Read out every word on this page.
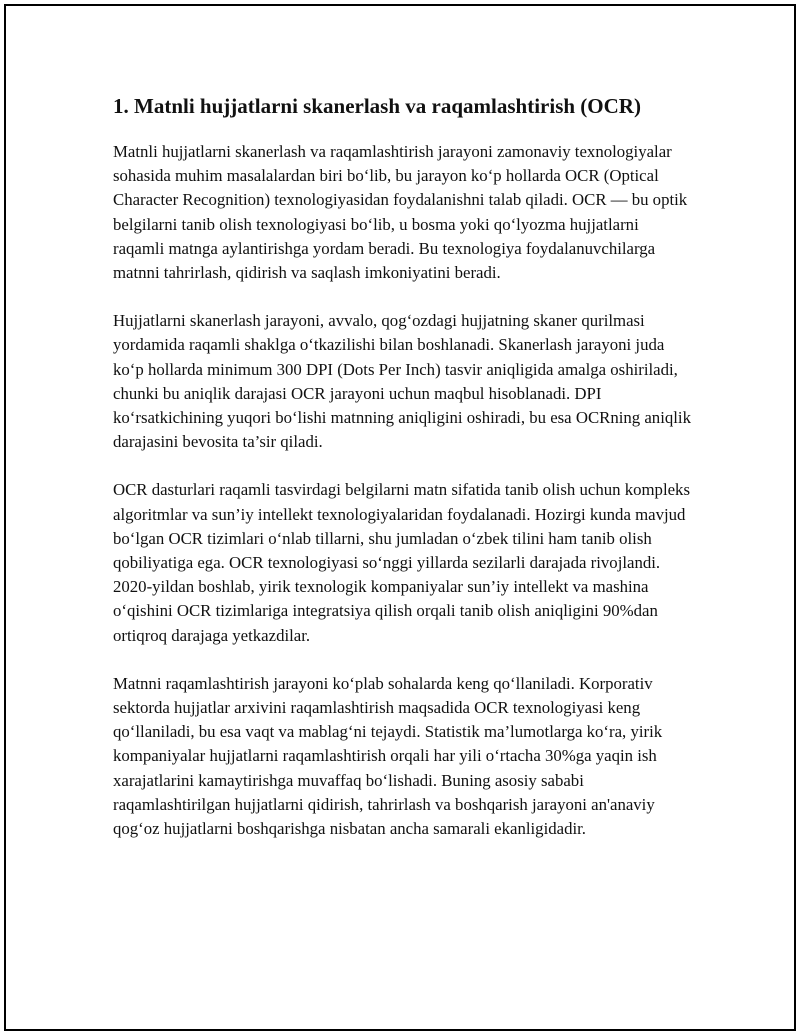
1. Matnli hujjatlarni skanerlash va raqamlashtirish (OCR)

Matnli hujjatlarni skanerlash va raqamlashtirish jarayoni zamonaviy texnologiyalar sohasida muhim masalalardan biri boʻlib, bu jarayon koʻp hollarda OCR (Optical Character Recognition) texnologiyasidan foydalanishni talab qiladi. OCR — bu optik belgilarni tanib olish texnologiyasi boʻlib, u bosma yoki qoʻlyozma hujjatlarni raqamli matnga aylantirishga yordam beradi. Bu texnologiya foydalanuvchilarga matnni tahrirlash, qidirish va saqlash imkoniyatini beradi.

Hujjatlarni skanerlash jarayoni, avvalo, qogʻozdagi hujjatning skaner qurilmasi yordamida raqamli shaklga oʻtkazilishi bilan boshlanadi. Skanerlash jarayoni juda koʻp hollarda minimum 300 DPI (Dots Per Inch) tasvir aniqligida amalga oshiriladi, chunki bu aniqlik darajasi OCR jarayoni uchun maqbul hisoblanadi. DPI koʻrsatkichining yuqori boʻlishi matnning aniqligini oshiradi, bu esa OCRning aniqlik darajasini bevosita ta’sir qiladi.

OCR dasturlari raqamli tasvirdagi belgilarni matn sifatida tanib olish uchun kompleks algoritmlar va sun’iy intellekt texnologiyalaridan foydalanadi. Hozirgi kunda mavjud boʻlgan OCR tizimlari oʻnlab tillarni, shu jumladan oʻzbek tilini ham tanib olish qobiliyatiga ega. OCR texnologiyasi soʻnggi yillarda sezilarli darajada rivojlandi. 2020-yildan boshlab, yirik texnologik kompaniyalar sun’iy intellekt va mashina oʻqishini OCR tizimlariga integratsiya qilish orqali tanib olish aniqligini 90%dan ortiqroq darajaga yetkazdilar.

Matnni raqamlashtirish jarayoni koʻplab sohalarda keng qoʻllaniladi. Korporativ sektorda hujjatlar arxivini raqamlashtirish maqsadida OCR texnologiyasi keng qoʻllaniladi, bu esa vaqt va mablagʻni tejaydi. Statistik ma’lumotlarga koʻra, yirik kompaniyalar hujjatlarni raqamlashtirish orqali har yili oʻrtacha 30%ga yaqin ish xarajatlarini kamaytirishga muvaffaq boʻlishadi. Buning asosiy sababi raqamlashtirilgan hujjatlarni qidirish, tahrirlash va boshqarish jarayoni an'anaviy qogʻoz hujjatlarni boshqarishga nisbatan ancha samarali ekanligidadir.
